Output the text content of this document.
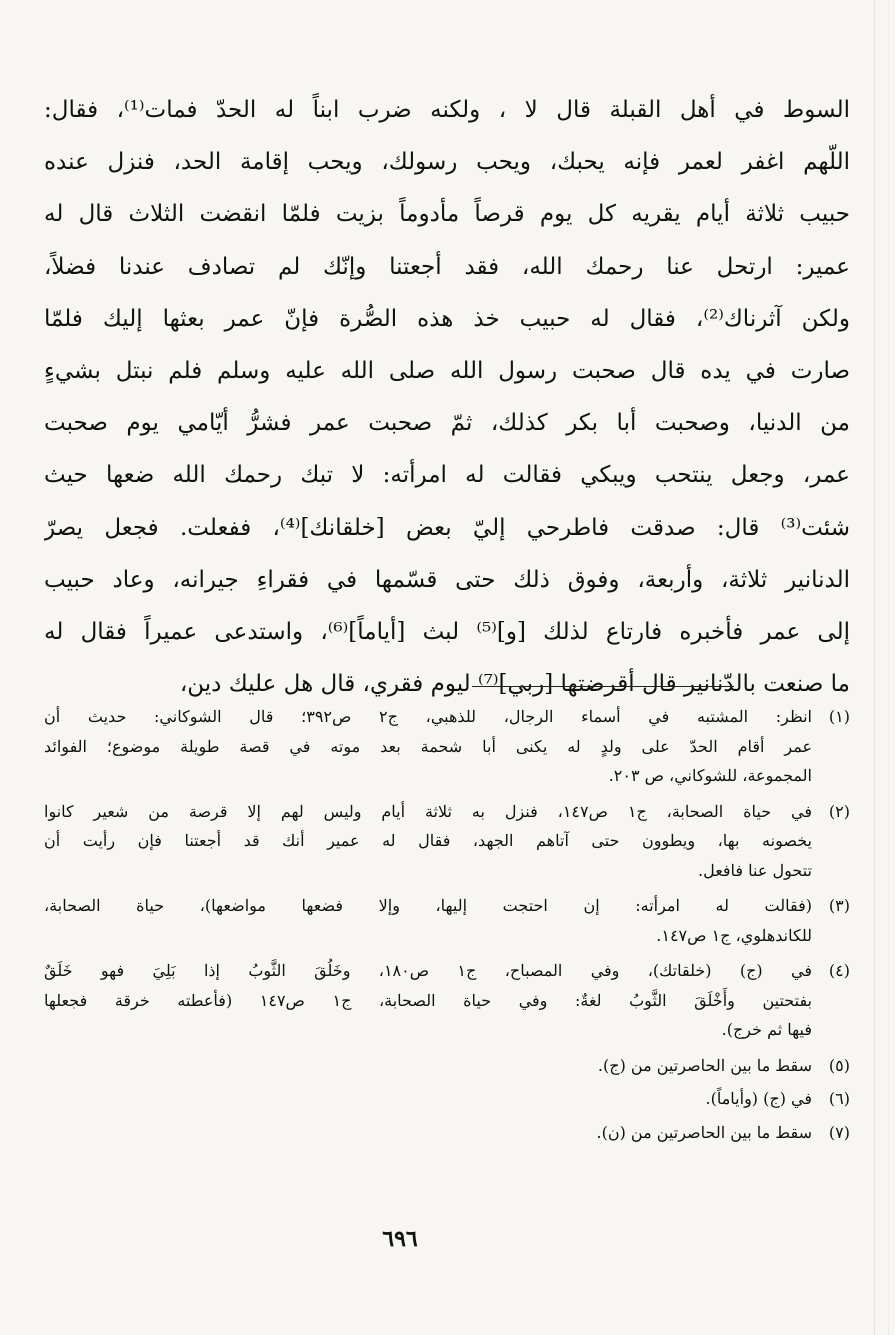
السوط في أهل القبلة قال لا ، ولكنه ضرب ابناً له الحدّ فمات⁽¹⁾، فقال:
اللّهم اغفر لعمر فإنه يحبك، ويحب رسولك، ويحب إقامة الحد، فنزل عنده
حبيب ثلاثة أيام يقريه كل يوم قرصاً مأدوماً بزيت فلمّا انقضت الثلاث قال له
عمير: ارتحل عنا رحمك الله، فقد أجعتنا وإنّك لم تصادف عندنا فضلاً،
ولكن آثرناك⁽²⁾، فقال له حبيب خذ هذه الصُّرة فإنّ عمر بعثها إليك فلمّا
صارت في يده قال صحبت رسول الله صلى الله عليه وسلم فلم نبتل بشيءٍ
من الدنيا، وصحبت أبا بكر كذلك، ثمّ صحبت عمر فشرُّ أيّامي يوم صحبت
عمر، وجعل ينتحب ويبكي فقالت له امرأته: لا تبك رحمك الله ضعها حيث
شئت⁽³⁾ قال: صدقت فاطرحي إليّ بعض [خلقانك]⁽⁴⁾، ففعلت. فجعل يصرّ
الدنانير ثلاثة، وأربعة، وفوق ذلك حتى قسّمها في فقراءِ جيرانه، وعاد حبيب
إلى عمر فأخبره فارتاع لذلك [و]⁽⁵⁾ لبث [أياماً]⁽⁶⁾، واستدعى عميراً فقال له
ما صنعت بالدّنانير قال أقرضتها [ربي]⁽⁷⁾ ليوم فقري، قال هل عليك دين،
(١)
انظر: المشتبه في أسماء الرجال، للذهبي، ج٢ ص٣٩٢؛ قال الشوكاني: حديث أن
عمر أقام الحدّ على ولدٍ له يكنى أبا شحمة بعد موته في قصة طويلة موضوع؛ الفوائد
المجموعة، للشوكاني، ص ٢٠٣.
(٢)
في حياة الصحابة، ج١ ص١٤٧، فنزل به ثلاثة أيام وليس لهم إلا قرصة من شعير كانوا
يخصونه بها، ويطوون حتى آتاهم الجهد، فقال له عمير أنك قد أجعتنا فإن رأيت أن
تتحول عنا فافعل.
(٣)
(فقالت له امرأته: إن احتجت إليها، وإلا فضعها مواضعها)، حياة الصحابة،
للكاندهلوي، ج١ ص١٤٧.
(٤)
في (ج) (خلقاتك)، وفي المصباح، ج١ ص١٨٠، وخَلُقَ الثَّوبُ إذا بَلِيَ فهو خَلَقٌ
بفتحتين وأَخْلَقَ الثَّوبُ لغةٌ: وفي حياة الصحابة، ج١ ص١٤٧ (فأعطته خرقة فجعلها
فيها ثم خرج).
(٥)
سقط ما بين الحاصرتين من (ج).
(٦)
في (ج) (وأياماً).
(٧)
سقط ما بين الحاصرتين من (ن).
٦٩٦
